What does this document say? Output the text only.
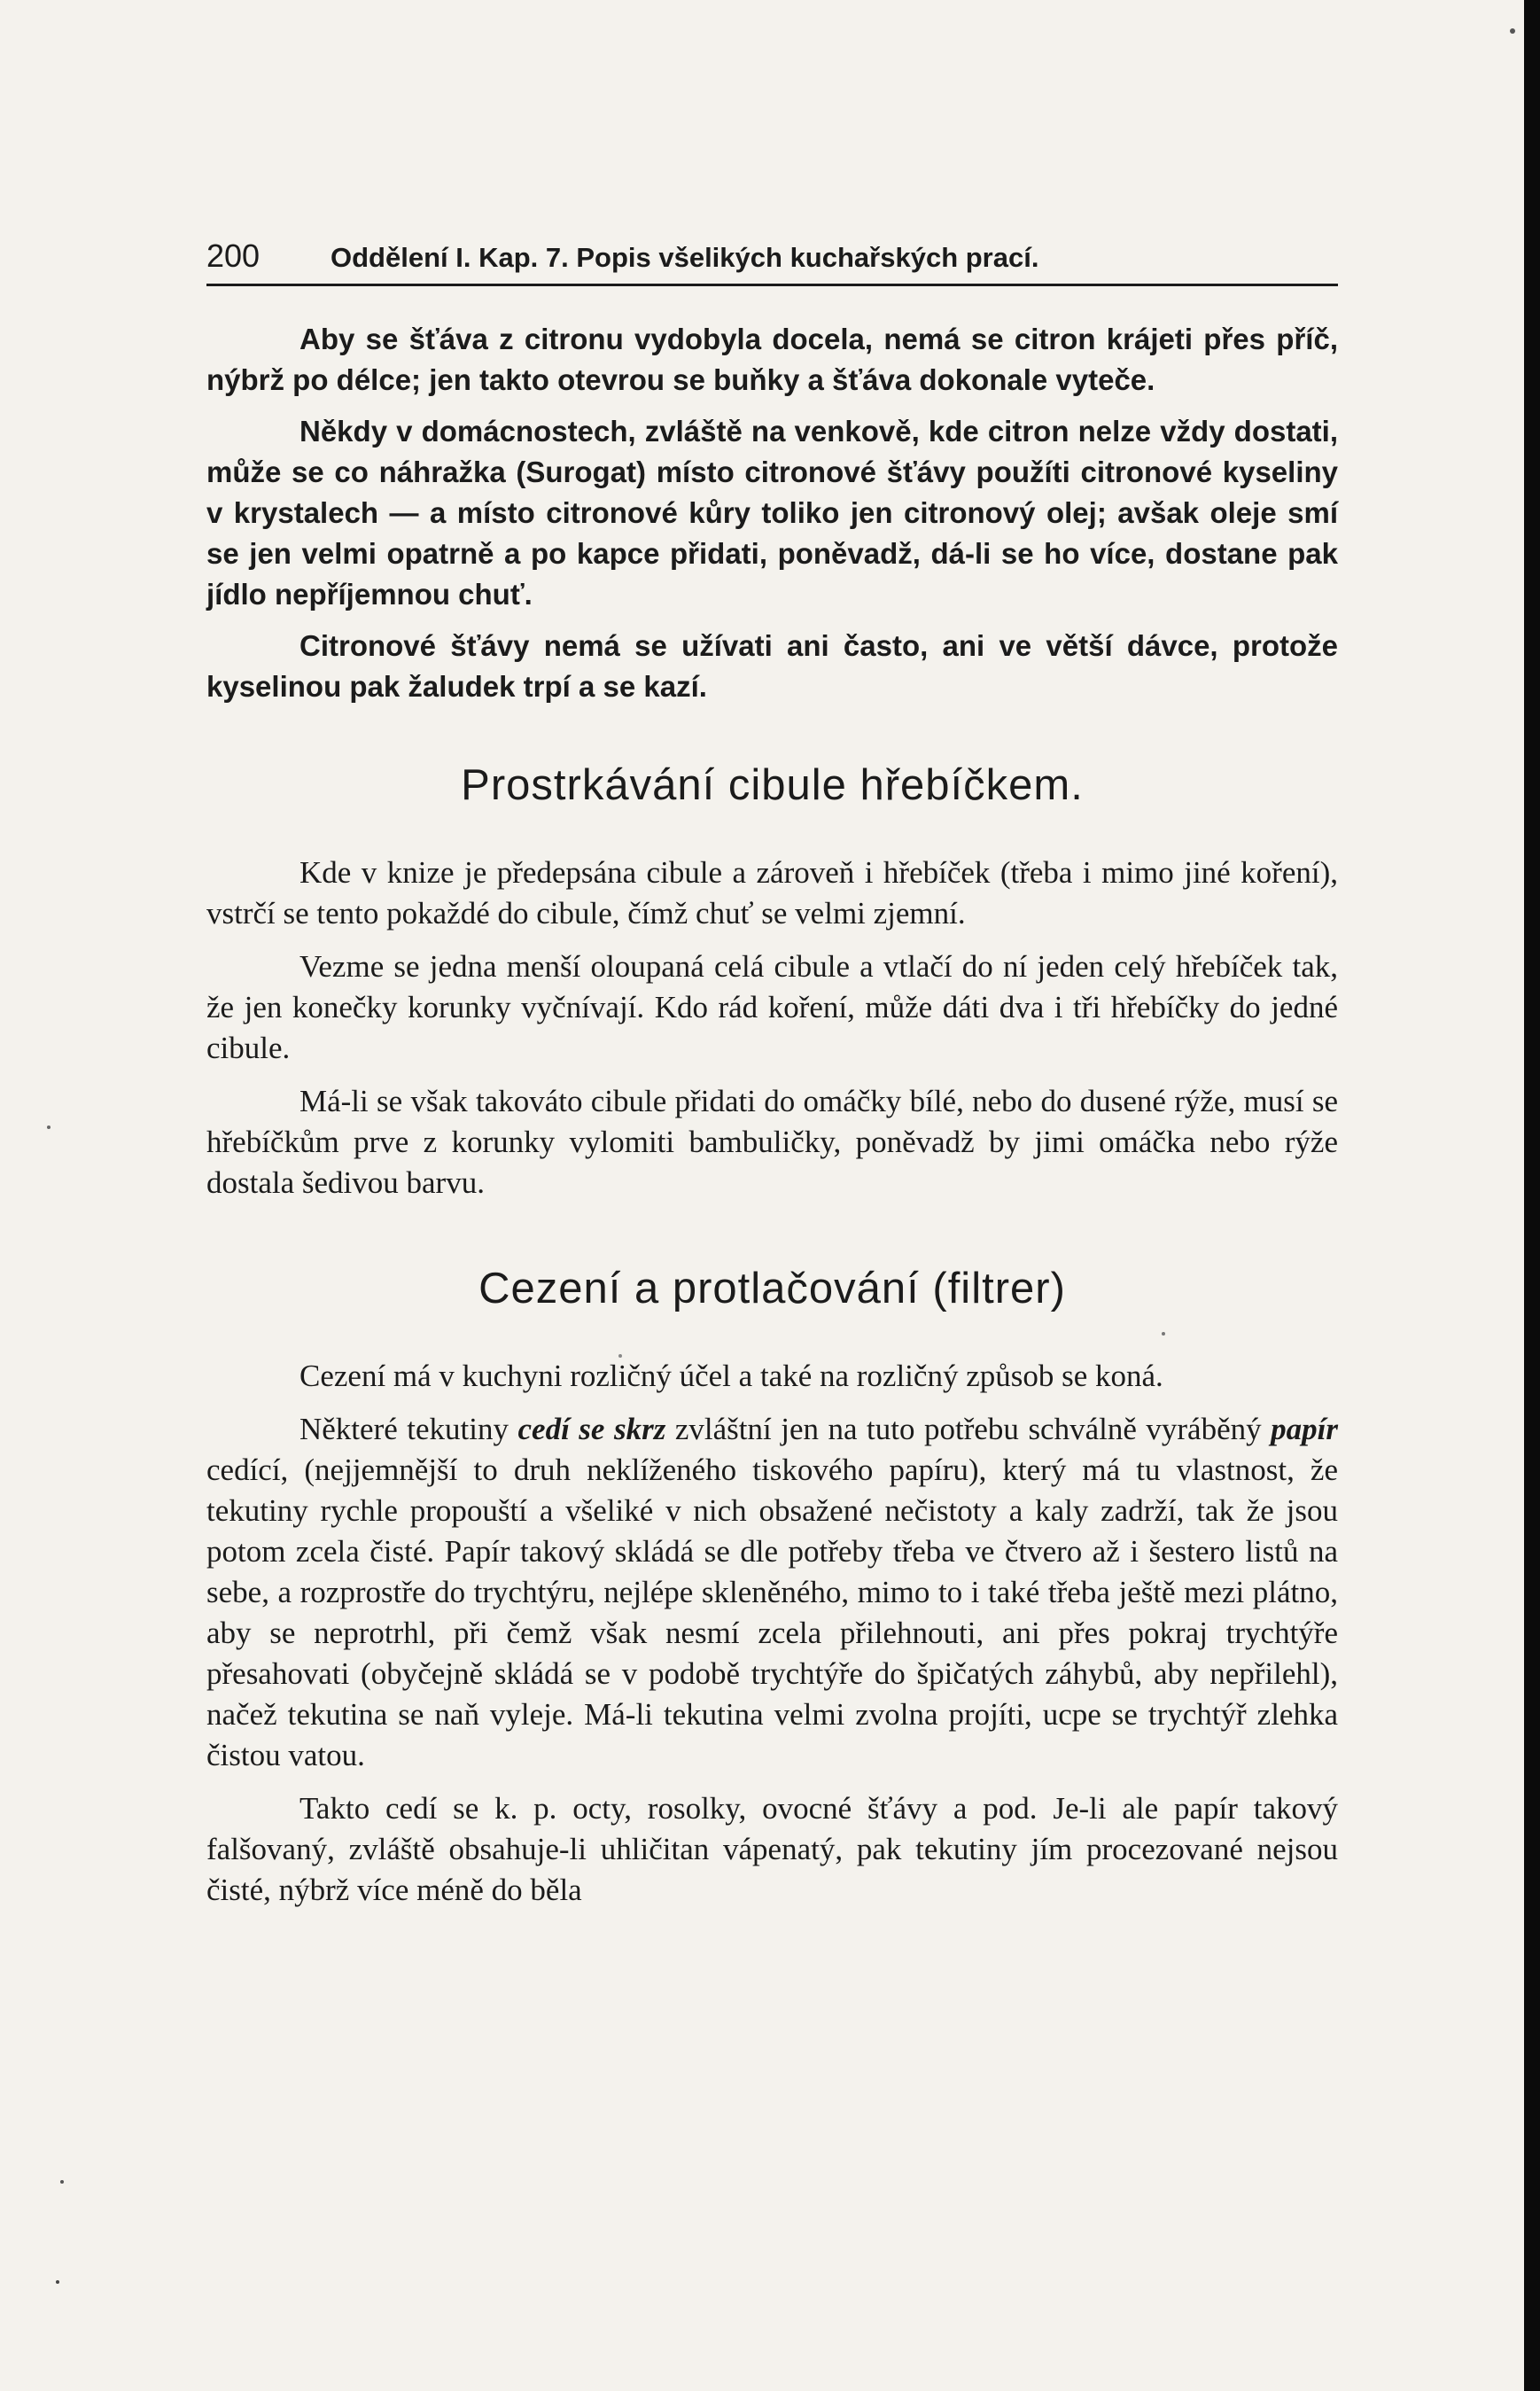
200	Oddělení I. Kap. 7. Popis všelikých kuchařských prací.

Aby se šťáva z citronu vydobyla docela, nemá se citron krájeti přes příč, nýbrž po délce; jen takto otevrou se buňky a šťáva dokonale vyteče.

Někdy v domácnostech, zvláště na venkově, kde citron nelze vždy dostati, může se co náhražka (Surogat) místo citronové šťávy použíti citronové kyseliny v krystalech — a místo citronové kůry toliko jen citronový olej; avšak oleje smí se jen velmi opatrně a po kapce přidati, poněvadž, dá-li se ho více, dostane pak jídlo nepříjemnou chuť.

Citronové šťávy nemá se užívati ani často, ani ve větší dávce, protože kyselinou pak žaludek trpí a se kazí.

Prostrkávání cibule hřebíčkem.

Kde v knize je předepsána cibule a zároveň i hřebíček (třeba i mimo jiné koření), vstrčí se tento pokaždé do cibule, čímž chuť se velmi zjemní.

Vezme se jedna menší oloupaná celá cibule a vtlačí do ní jeden celý hřebíček tak, že jen konečky korunky vyčnívají. Kdo rád koření, může dáti dva i tři hřebíčky do jedné cibule.

Má-li se však takováto cibule přidati do omáčky bílé, nebo do dusené rýže, musí se hřebíčkům prve z korunky vylomiti bambuličky, poněvadž by jimi omáčka nebo rýže dostala šedivou barvu.

Cezení a protlačování (filtrer)

Cezení má v kuchyni rozličný účel a také na rozličný způsob se koná.

Některé tekutiny cedí se skrz zvláštní jen na tuto potřebu schválně vyráběný papír cedící, (nejjemnější to druh neklíženého tiskového papíru), který má tu vlastnost, že tekutiny rychle propouští a všeliké v nich obsažené nečistoty a kaly zadrží, tak že jsou potom zcela čisté. Papír takový skládá se dle potřeby třeba ve čtvero až i šestero listů na sebe, a rozprostře do trychtýru, nejlépe skleněného, mimo to i také třeba ještě mezi plátno, aby se neprotrhl, při čemž však nesmí zcela přilehnouti, ani přes pokraj trychtýře přesahovati (obyčejně skládá se v podobě trychtýře do špičatých záhybů, aby nepřilehl), načež tekutina se naň vyleje. Má-li tekutina velmi zvolna projíti, ucpe se trychtýř zlehka čistou vatou.

Takto cedí se k. p. octy, rosolky, ovocné šťávy a pod. Je-li ale papír takový falšovaný, zvláště obsahuje-li uhličitan vápenatý, pak tekutiny jím procezované nejsou čisté, nýbrž více méně do běla
